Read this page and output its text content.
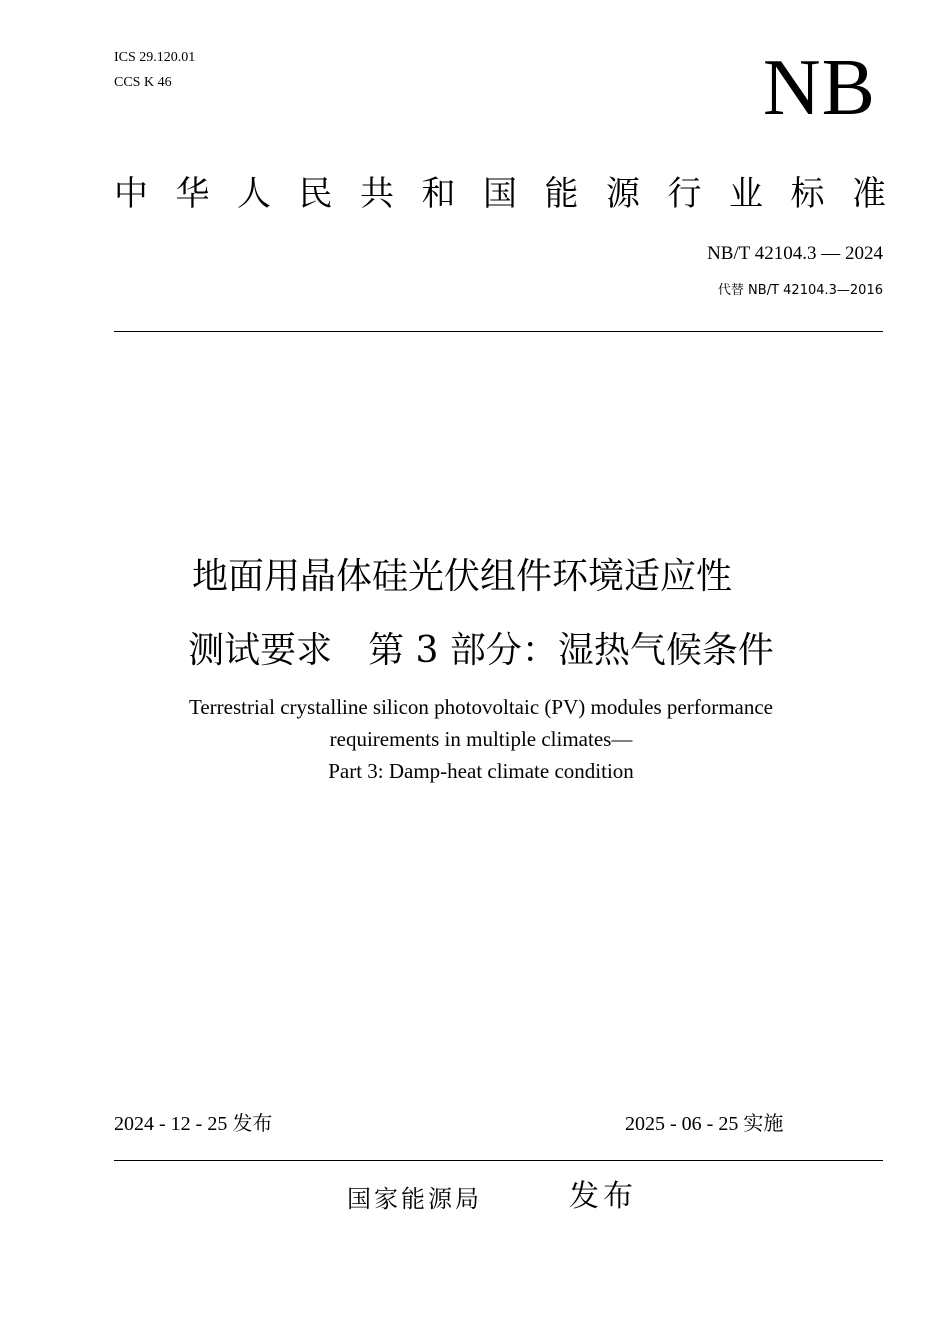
ICS 29.120.01
CCS K 46	NB
中 华 人 民 共 和 国 能 源 行 业 标 准
NB/T 42104.3 — 2024
代替 NB/T 42104.3—2016
地面用晶体硅光伏组件环境适应性
测试要求　第 3 部分：湿热气候条件
Terrestrial crystalline silicon photovoltaic (PV) modules performance
requirements in multiple climates—
Part 3: Damp-heat climate condition
2024 - 12 - 25 发布	2025 - 06 - 25 实施
国家能源局	发布
